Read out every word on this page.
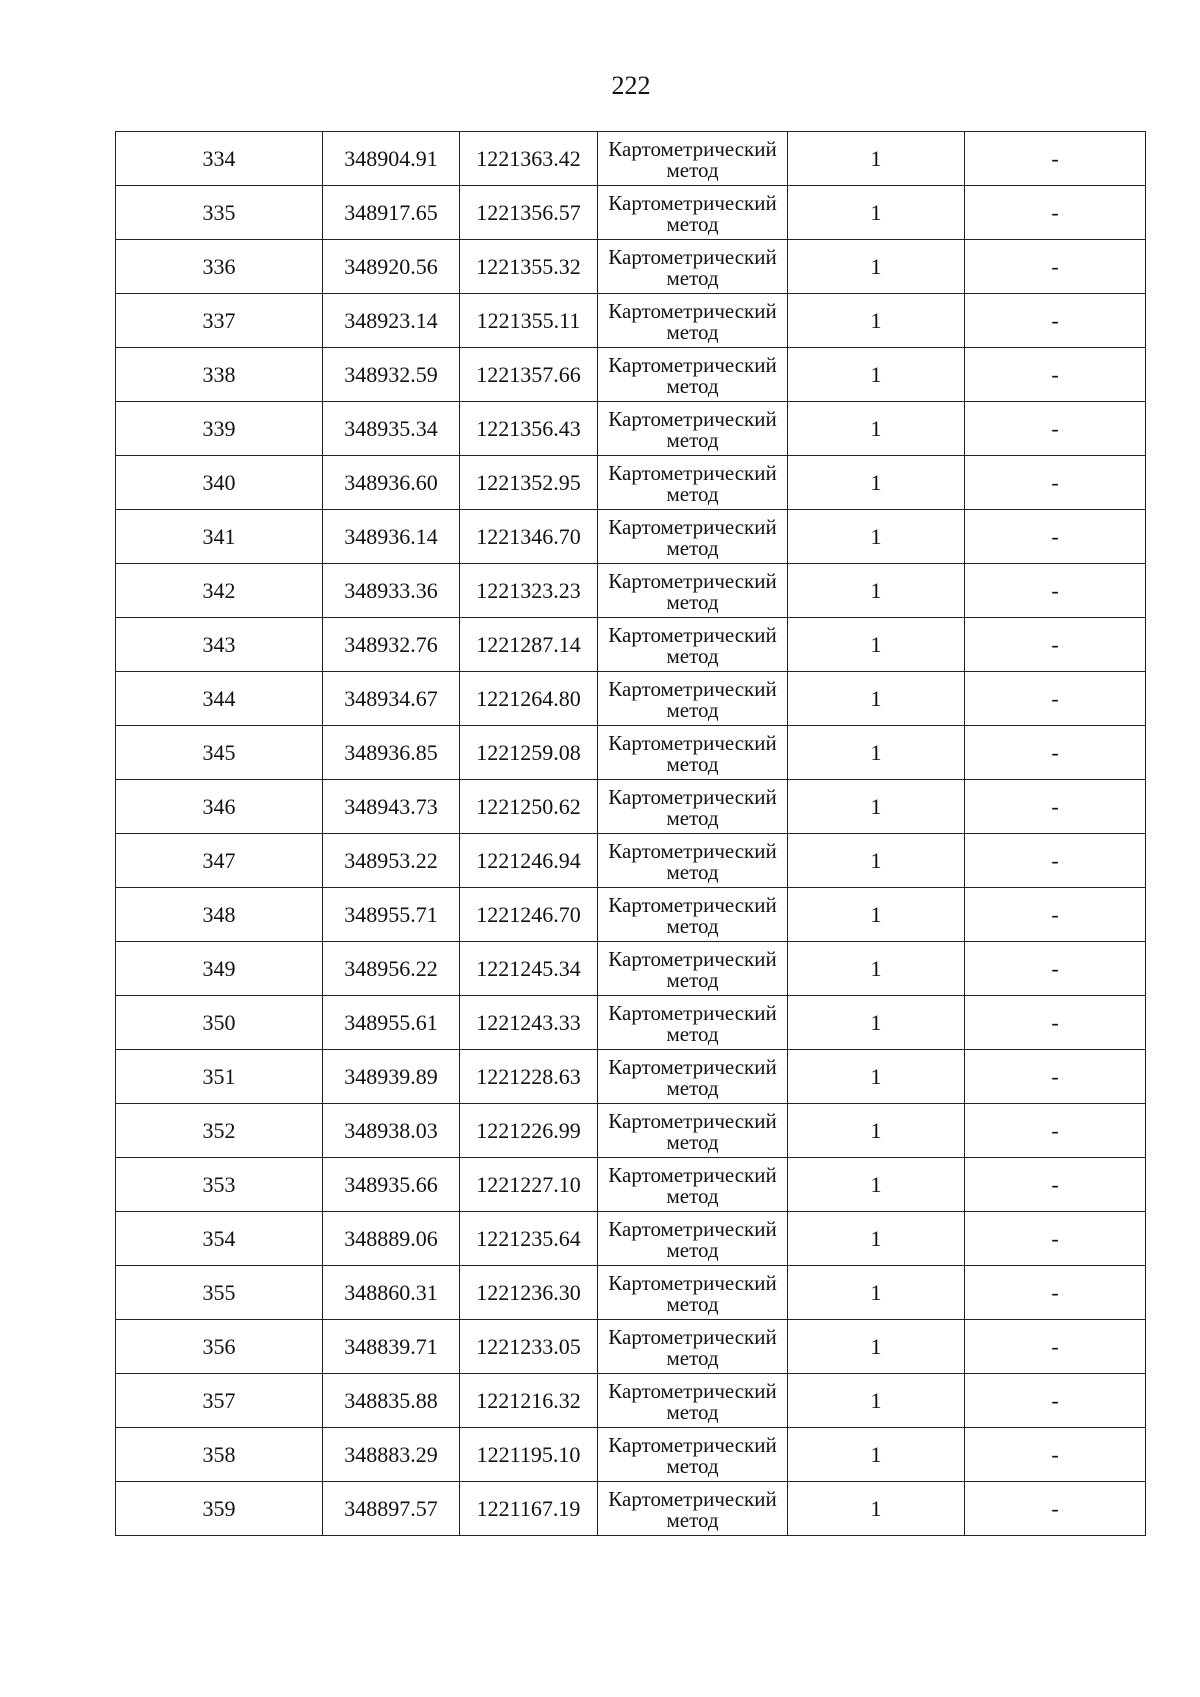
222
334	348904.91	1221363.42	Картометрический метод	1	-
335	348917.65	1221356.57	Картометрический метод	1	-
336	348920.56	1221355.32	Картометрический метод	1	-
337	348923.14	1221355.11	Картометрический метод	1	-
338	348932.59	1221357.66	Картометрический метод	1	-
339	348935.34	1221356.43	Картометрический метод	1	-
340	348936.60	1221352.95	Картометрический метод	1	-
341	348936.14	1221346.70	Картометрический метод	1	-
342	348933.36	1221323.23	Картометрический метод	1	-
343	348932.76	1221287.14	Картометрический метод	1	-
344	348934.67	1221264.80	Картометрический метод	1	-
345	348936.85	1221259.08	Картометрический метод	1	-
346	348943.73	1221250.62	Картометрический метод	1	-
347	348953.22	1221246.94	Картометрический метод	1	-
348	348955.71	1221246.70	Картометрический метод	1	-
349	348956.22	1221245.34	Картометрический метод	1	-
350	348955.61	1221243.33	Картометрический метод	1	-
351	348939.89	1221228.63	Картометрический метод	1	-
352	348938.03	1221226.99	Картометрический метод	1	-
353	348935.66	1221227.10	Картометрический метод	1	-
354	348889.06	1221235.64	Картометрический метод	1	-
355	348860.31	1221236.30	Картометрический метод	1	-
356	348839.71	1221233.05	Картометрический метод	1	-
357	348835.88	1221216.32	Картометрический метод	1	-
358	348883.29	1221195.10	Картометрический метод	1	-
359	348897.57	1221167.19	Картометрический метод	1	-
